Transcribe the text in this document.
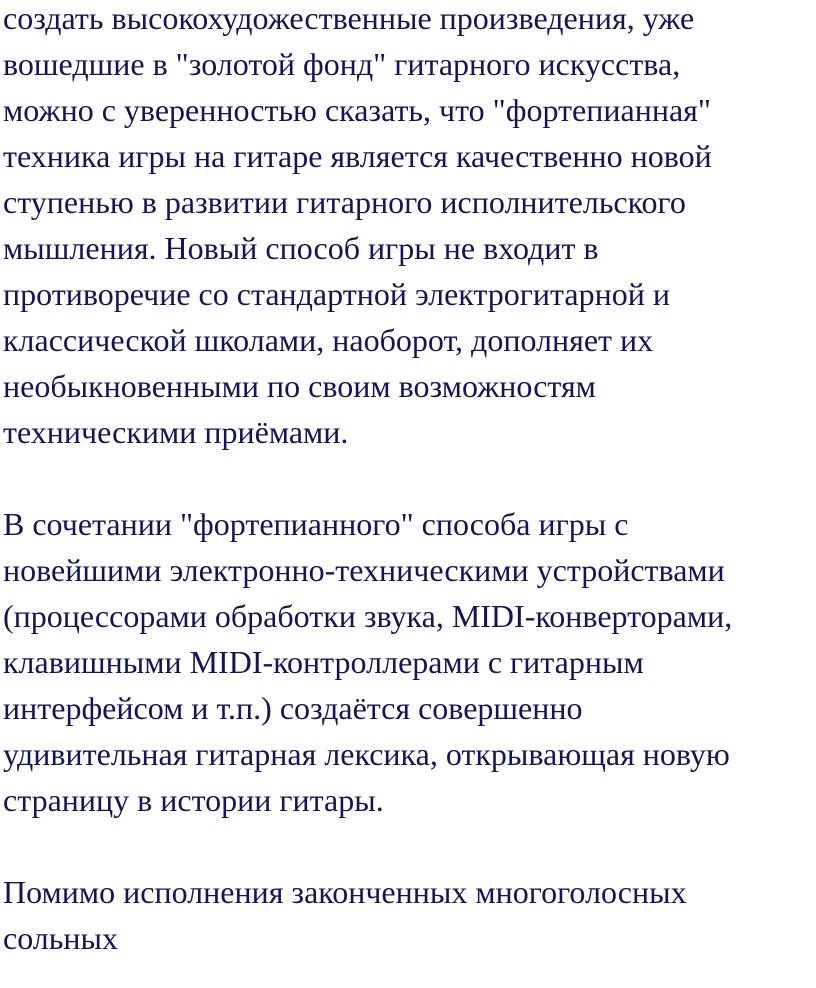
создать высокохудожественные произведения, уже
вошедшие в "золотой фонд" гитарного искусства,
можно с уверенностью сказать, что "фортепианная"
техника игры на гитаре является качественно новой
ступенью в развитии гитарного исполнительского
мышления. Новый способ игры не входит в
противоречие со стандартной электрогитарной и
классической школами, наоборот, дополняет их
необыкновенными по своим возможностям
техническими приёмами.

В сочетании "фортепианного" способа игры с
новейшими электронно-техническими устройствами
(процессорами обработки звука, MIDI-конверторами,
клавишными MIDI-контроллерами с гитарным
интерфейсом и т.п.) создаётся совершенно
удивительная гитарная лексика, открывающая новую
страницу в истории гитары.

Помимо исполнения законченных многоголосных
сольных
